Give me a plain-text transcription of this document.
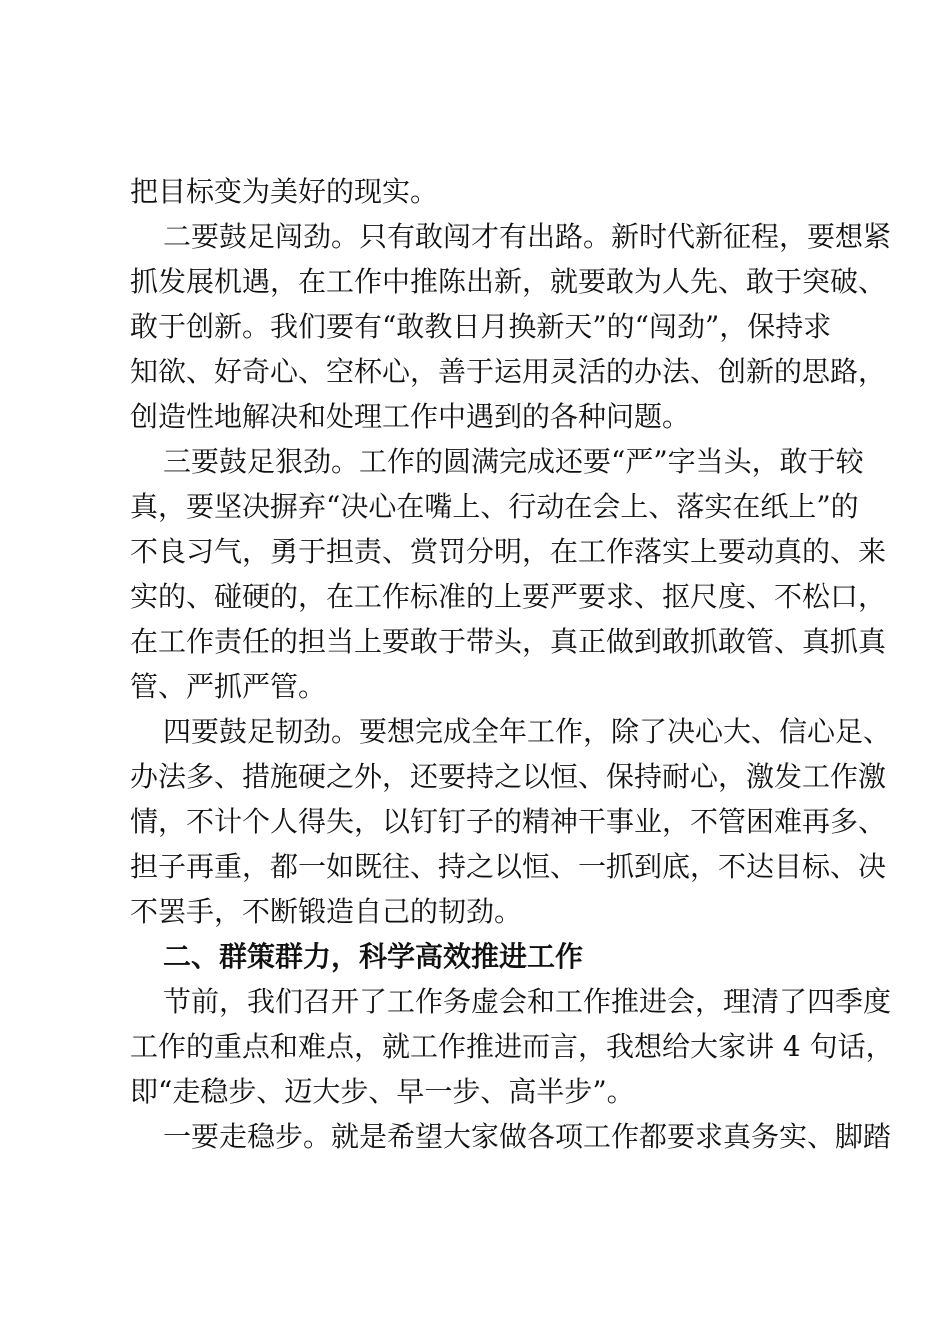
把目标变为美好的现实。
二要鼓足闯劲。只有敢闯才有出路。新时代新征程，要想紧
抓发展机遇，在工作中推陈出新，就要敢为人先、敢于突破、
敢于创新。我们要有“敢教日月换新天”的“闯劲”，保持求
知欲、好奇心、空杯心，善于运用灵活的办法、创新的思路，
创造性地解决和处理工作中遇到的各种问题。
三要鼓足狠劲。工作的圆满完成还要“严”字当头，敢于较
真，要坚决摒弃“决心在嘴上、行动在会上、落实在纸上”的
不良习气，勇于担责、赏罚分明，在工作落实上要动真的、来
实的、碰硬的，在工作标准的上要严要求、抠尺度、不松口，
在工作责任的担当上要敢于带头，真正做到敢抓敢管、真抓真
管、严抓严管。
四要鼓足韧劲。要想完成全年工作，除了决心大、信心足、
办法多、措施硬之外，还要持之以恒、保持耐心，激发工作激
情，不计个人得失，以钉钉子的精神干事业，不管困难再多、
担子再重，都一如既往、持之以恒、一抓到底，不达目标、决
不罢手，不断锻造自己的韧劲。
二、群策群力，科学高效推进工作
节前，我们召开了工作务虚会和工作推进会，理清了四季度
工作的重点和难点，就工作推进而言，我想给大家讲 4 句话，
即“走稳步、迈大步、早一步、高半步”。
一要走稳步。就是希望大家做各项工作都要求真务实、脚踏
